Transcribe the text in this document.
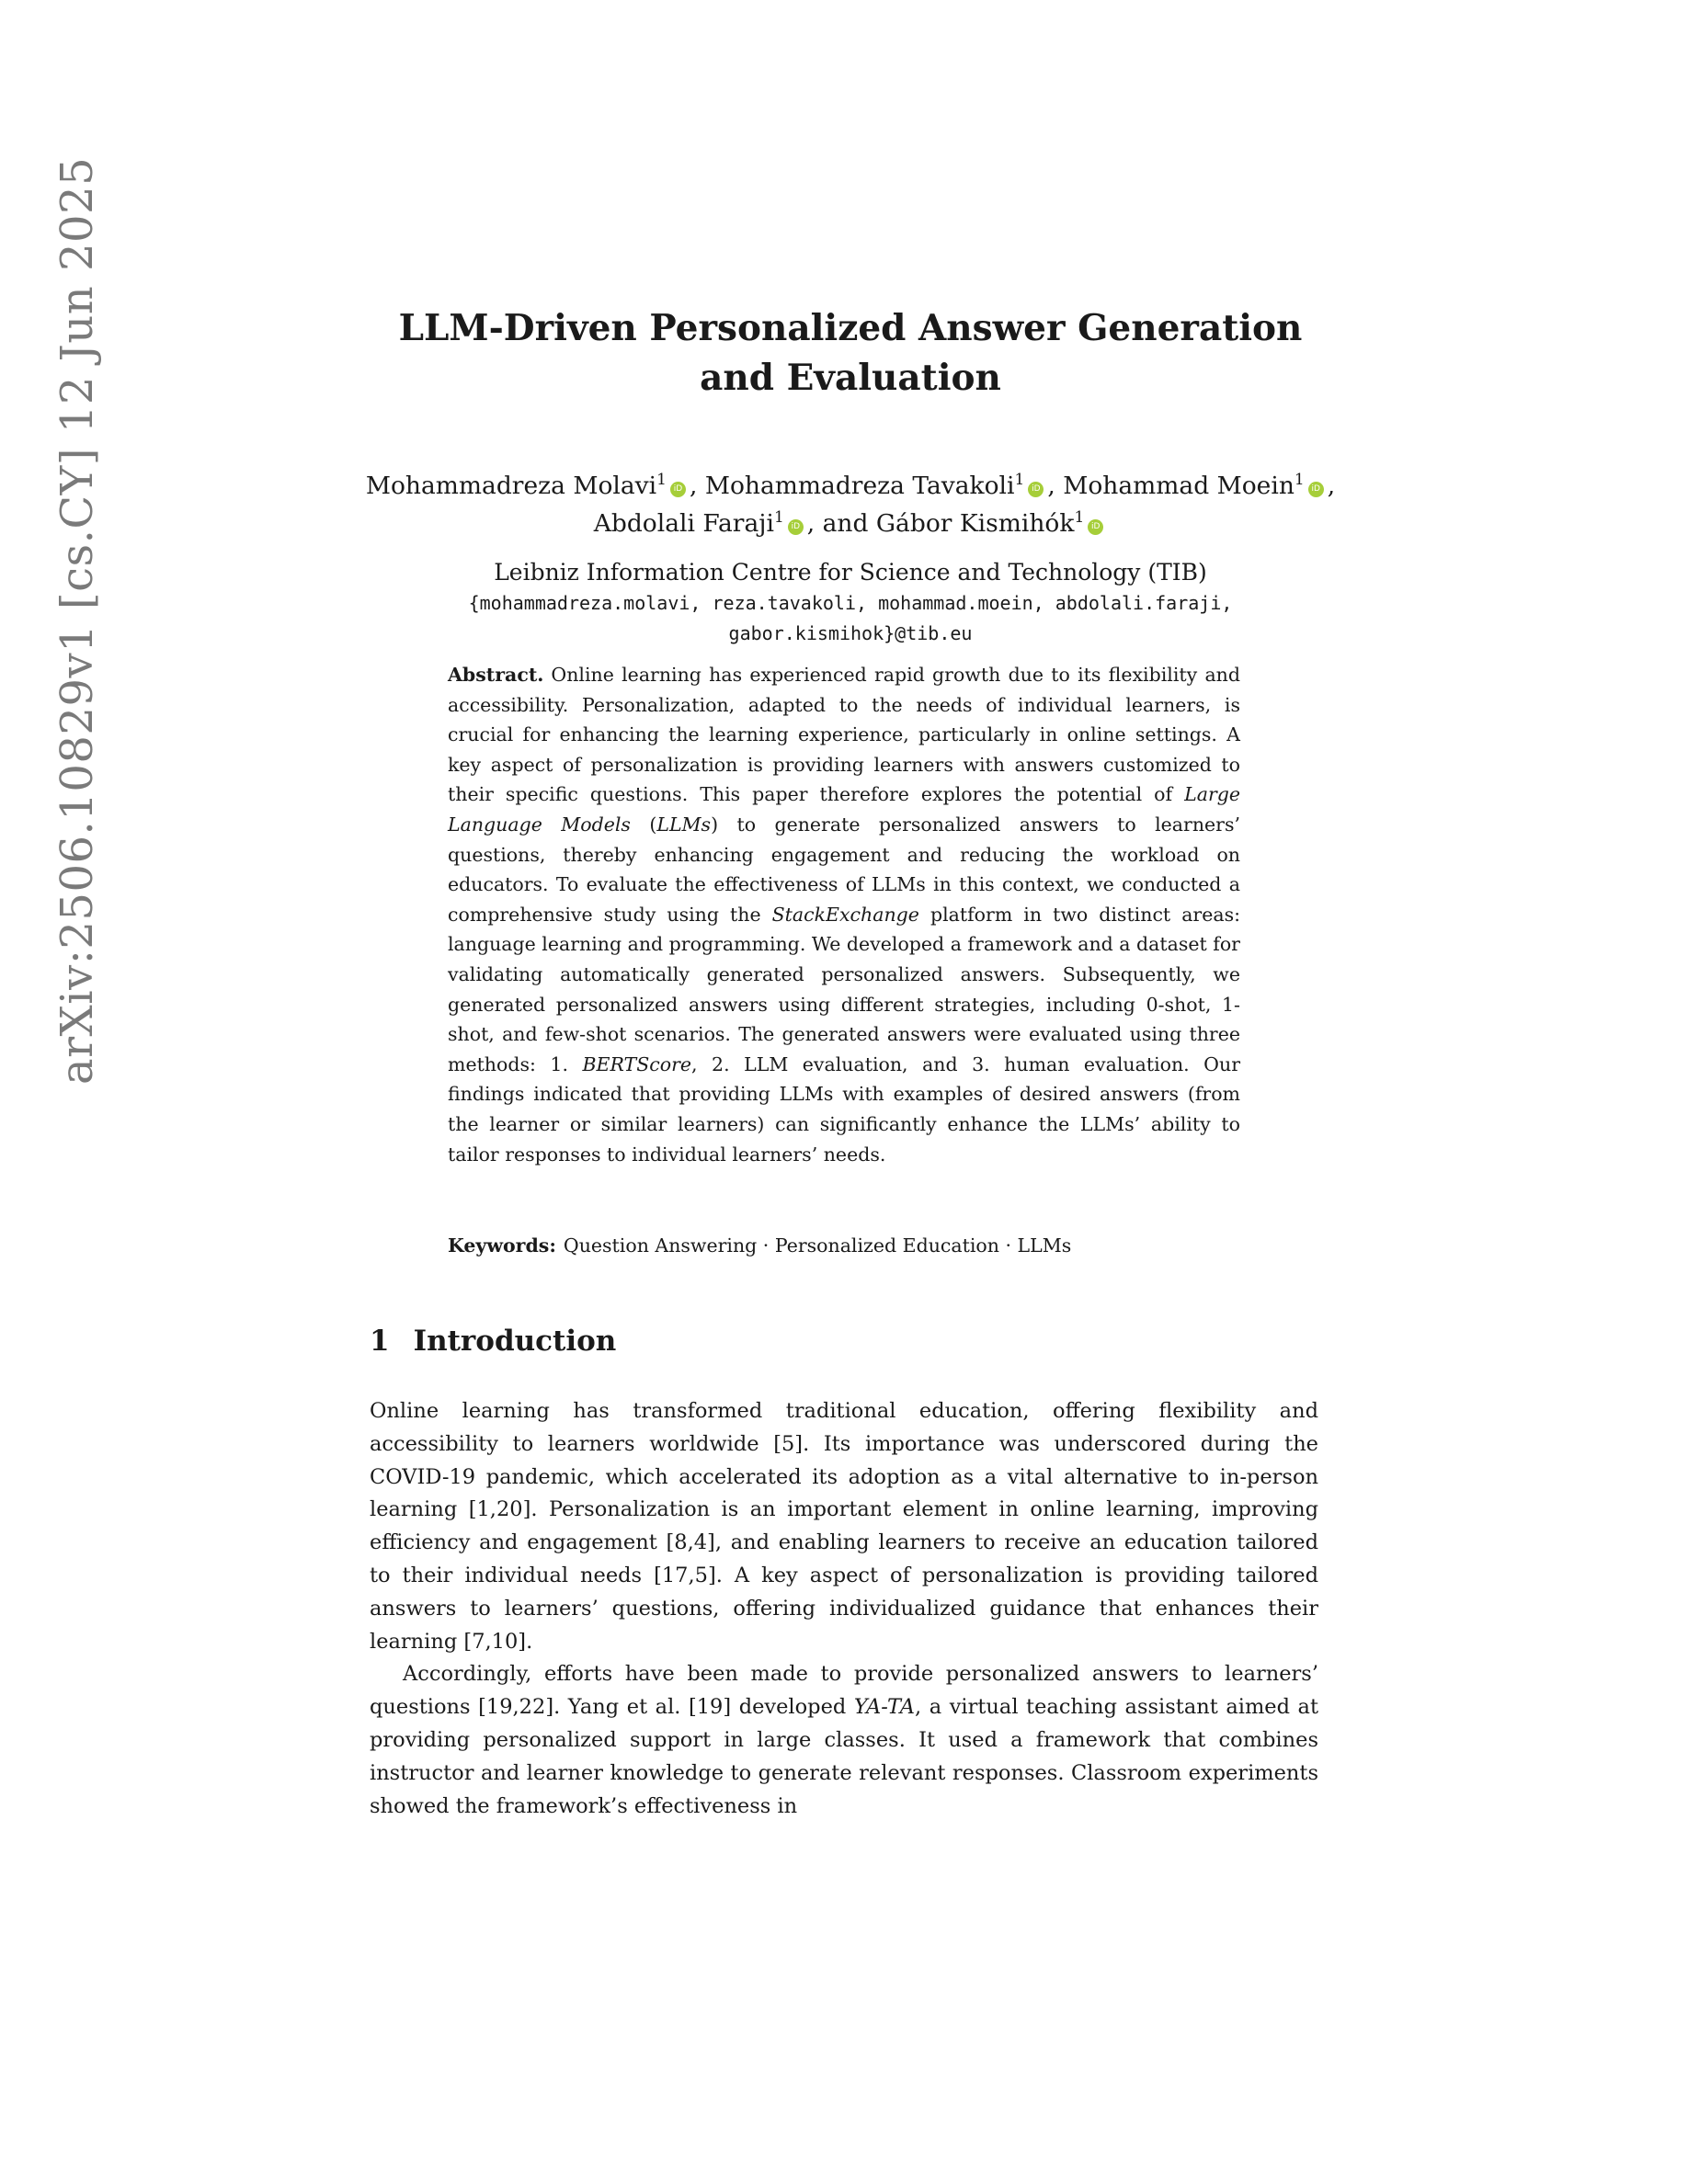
arXiv:2506.10829v1 [cs.CY] 12 Jun 2025	LLM-Driven Personalized Answer Generation
and Evaluation
Mohammadreza Molavi$^1$ iD , Mohammadreza Tavakoli$^1$ iD , Mohammad Moein$^1$ iD ,
Abdolali Faraji$^1$ iD , and Gábor Kismihók$^1$ iD
Leibniz Information Centre for Science and Technology (TIB)
{mohammadreza.molavi, reza.tavakoli, mohammad.moein, abdolali.faraji,
gabor.kismihok}@tib.eu
Abstract. Online learning has experienced rapid growth due to its flexibility and accessibility. Personalization, adapted to the needs of individual learners, is crucial for enhancing the learning experience, particularly in online settings. A key aspect of personalization is providing learners with answers customized to their specific questions. This paper therefore explores the potential of Large Language Models (LLMs) to generate personalized answers to learners’ questions, thereby enhancing engagement and reducing the workload on educators. To evaluate the effectiveness of LLMs in this context, we conducted a comprehensive study using the StackExchange platform in two distinct areas: language learning and programming. We developed a framework and a dataset for validating automatically generated personalized answers. Subsequently, we generated personalized answers using different strategies, including 0-shot, 1-shot, and few-shot scenarios. The generated answers were evaluated using three methods: 1. BERTScore, 2. LLM evaluation, and 3. human evaluation. Our findings indicated that providing LLMs with examples of desired answers (from the learner or similar learners) can significantly enhance the LLMs’ ability to tailor responses to individual learners’ needs.
Keywords: Question Answering · Personalized Education · LLMs
1 Introduction

Online learning has transformed traditional education, offering flexibility and accessibility to learners worldwide [5]. Its importance was underscored during the COVID-19 pandemic, which accelerated its adoption as a vital alternative to in-person learning [1,20]. Personalization is an important element in online learning, improving efficiency and engagement [8,4], and enabling learners to receive an education tailored to their individual needs [17,5]. A key aspect of personalization is providing tailored answers to learners’ questions, offering individualized guidance that enhances their learning [7,10].

Accordingly, efforts have been made to provide personalized answers to learners’ questions [19,22]. Yang et al. [19] developed YA-TA, a virtual teaching assistant aimed at providing personalized support in large classes. It used a framework that combines instructor and learner knowledge to generate relevant responses. Classroom experiments showed the framework’s effectiveness in
